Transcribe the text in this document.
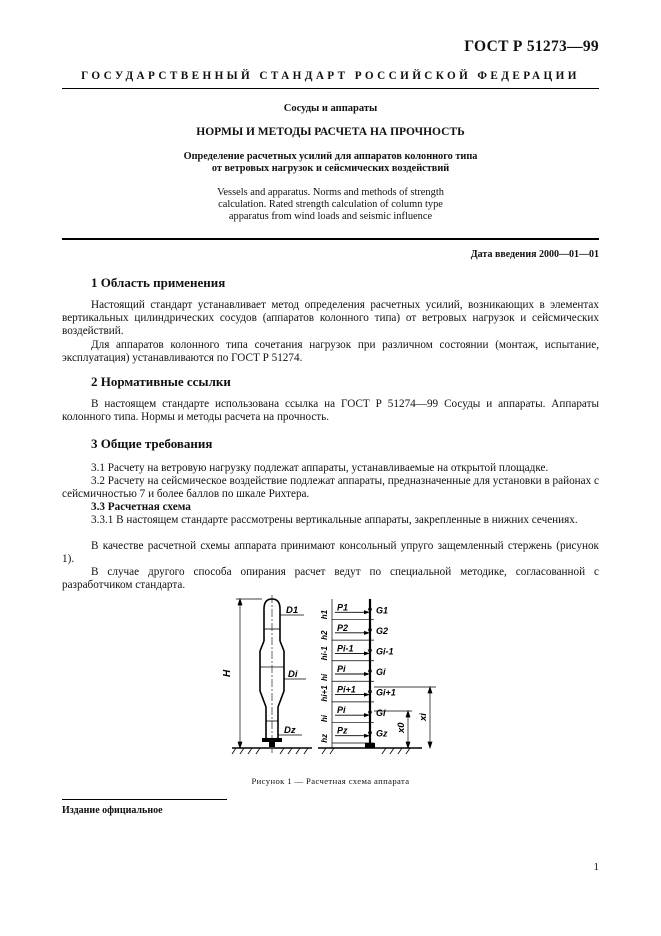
ГОСТ Р 51273—99
ГОСУДАРСТВЕННЫЙ СТАНДАРТ РОССИЙСКОЙ ФЕДЕРАЦИИ
Сосуды и аппараты
НОРМЫ И МЕТОДЫ РАСЧЕТА НА ПРОЧНОСТЬ
Определение расчетных усилий для аппаратов колонного типа
от ветровых нагрузок и сейсмических воздействий
Vessels and apparatus. Norms and methods of strength
calculation. Rated strength calculation of column type
apparatus from wind loads and seismic influence
Дата введения 2000—01—01
1 Область применения
Настоящий стандарт устанавливает метод определения расчетных усилий, возникающих в элементах вертикальных цилиндрических сосудов (аппаратов колонного типа) от ветровых нагрузок и сейсмических воздействий.
Для аппаратов колонного типа сочетания нагрузок при различном состоянии (монтаж, испытание, эксплуатация) устанавливаются по ГОСТ Р 51274.
2 Нормативные ссылки
В настоящем стандарте использована ссылка на ГОСТ Р 51274—99 Сосуды и аппараты. Аппараты колонного типа. Нормы и методы расчета на прочность.
3 Общие требования
3.1 Расчету на ветровую нагрузку подлежат аппараты, устанавливаемые на открытой площадке.
3.2 Расчету на сейсмическое воздействие подлежат аппараты, предназначенные для установки в районах с сейсмичностью 7 и более баллов по шкале Рихтера.
3.3 Расчетная схема
3.3.1 В настоящем стандарте рассмотрены вертикальные аппараты, закрепленные в нижних сечениях.
В качестве расчетной схемы аппарата принимают консольный упруго защемленный стержень (рисунок 1).
В случае другого способа опирания расчет ведут по специальной методике, согласованной с разработчиком стандарта.
H
D1
Di
Dz
h1
P1	G1
h2
P2	G2
hi-1 Pi-1 Gi-1
hi
Pi	Gi
hi+1 Pi+1 Gi+1
hi
Pi	Gi
hz
Pz	Gz
x0
xi
Рисунок 1 — Расчетная схема аппарата
Издание официальное
1
